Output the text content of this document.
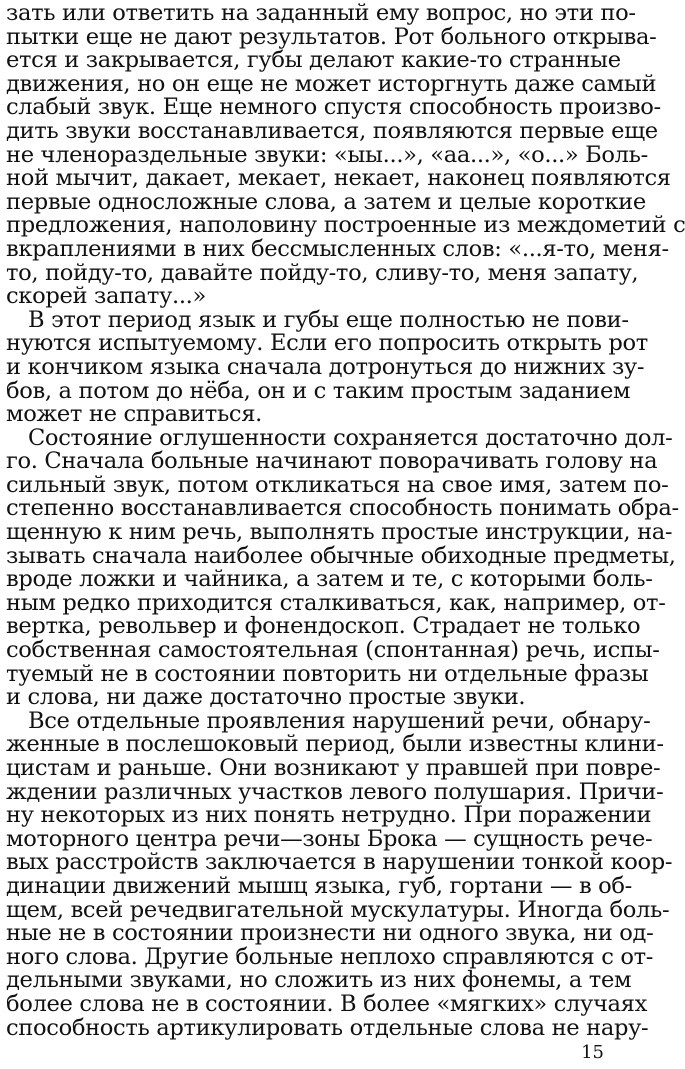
зать или ответить на заданный ему вопрос, но эти по-
пытки еще не дают результатов. Рот больного открыва-
ется и закрывается, губы делают какие-то странные
движения, но он еще не может исторгнуть даже самый
слабый звук. Еще немного спустя способность произво-
дить звуки восстанавливается, появляются первые еще
не членораздельные звуки: «ыы...», «аа...», «о...» Боль-
ной мычит, дакает, мекает, некает, наконец появляются
первые односложные слова, а затем и целые короткие
предложения, наполовину построенные из междометий с
вкраплениями в них бессмысленных слов: «...я-то, меня-
то, пойду-то, давайте пойду-то, сливу-то, меня запату,
скорей запату...»
В этот период язык и губы еще полностью не пови-
нуются испытуемому. Если его попросить открыть рот
и кончиком языка сначала дотронуться до нижних зу-
бов, а потом до нёба, он и с таким простым заданием
может не справиться.
Состояние оглушенности сохраняется достаточно дол-
го. Сначала больные начинают поворачивать голову на
сильный звук, потом откликаться на свое имя, затем по-
степенно восстанавливается способность понимать обра-
щенную к ним речь, выполнять простые инструкции, на-
зывать сначала наиболее обычные обиходные предметы,
вроде ложки и чайника, а затем и те, с которыми боль-
ным редко приходится сталкиваться, как, например, от-
вертка, револьвер и фонендоскоп. Страдает не только
собственная самостоятельная (спонтанная) речь, испы-
туемый не в состоянии повторить ни отдельные фразы
и слова, ни даже достаточно простые звуки.
Все отдельные проявления нарушений речи, обнару-
женные в послешоковый период, были известны клини-
цистам и раньше. Они возникают у правшей при повре-
ждении различных участков левого полушария. Причи-
ну некоторых из них понять нетрудно. При поражении
моторного центра речи—зоны Брока — сущность рече-
вых расстройств заключается в нарушении тонкой коор-
динации движений мышц языка, губ, гортани — в об-
щем, всей речедвигательной мускулатуры. Иногда боль-
ные не в состоянии произнести ни одного звука, ни од-
ного слова. Другие больные неплохо справляются с от-
дельными звуками, но сложить из них фонемы, а тем
более слова не в состоянии. В более «мягких» случаях
способность артикулировать отдельные слова не нару-
15
